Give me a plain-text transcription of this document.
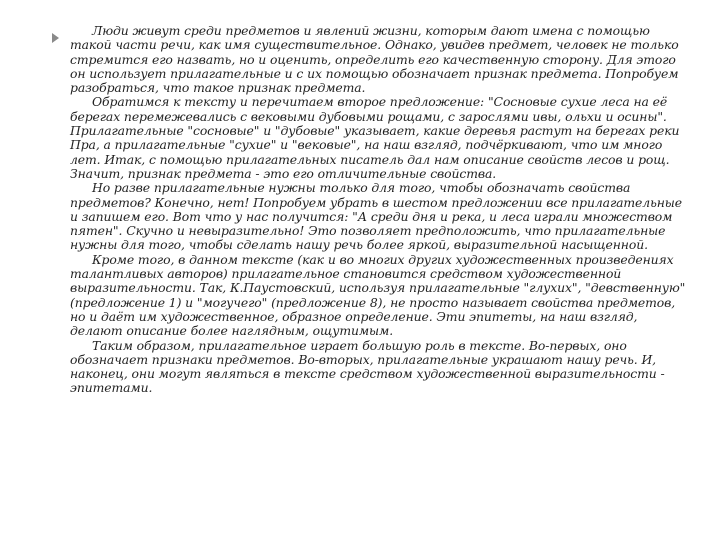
Люди живут среди предметов и явлений жизни, которым дают имена с помощью такой части речи, как имя существительное. Однако, увидев предмет, человек не только стремится его назвать, но и оценить, определить его качественную сторону. Для этого он использует прилагательные и с их помощью обозначает признак предмета. Попробуем разобраться, что такое признак предмета.

Обратимся к тексту и перечитаем второе предложение: "Сосновые сухие леса на её берегах перемежевались с вековыми дубовыми рощами, с зарослями ивы, ольхи и осины". Прилагательные "сосновые" и "дубовые" указывает, какие деревья растут на берегах реки Пра, а прилагательные "сухие" и "вековые", на наш взгляд, подчёркивают, что им много лет. Итак, с помощью прилагательных писатель дал нам описание свойств лесов и рощ. Значит, признак предмета - это его отличительные свойства.

Но разве прилагательные нужны только для того, чтобы обозначать свойства предметов? Конечно, нет! Попробуем убрать в шестом предложении все прилагательные и запишем его. Вот что у нас получится: "А среди дня и река, и леса играли множеством пятен". Скучно и невыразительно! Это позволяет предположить, что прилагательные нужны для того, чтобы сделать нашу речь более яркой, выразительной насыщенной.

Кроме того, в данном тексте (как и во многих других художественных произведениях талантливых авторов) прилагательное становится средством художественной выразительности. Так, К.Паустовский, используя прилагательные "глухих", "девственную" (предложение 1) и "могучего" (предложение 8), не просто называет свойства предметов, но и даёт им художественное, образное определение. Эти эпитеты, на наш взгляд, делают описание более наглядным, ощутимым.

Таким образом, прилагательное играет большую роль в тексте. Во-первых, оно обозначает признаки предметов. Во-вторых, прилагательные украшают нашу речь. И, наконец, они могут являться в тексте средством художественной выразительности - эпитетами.
